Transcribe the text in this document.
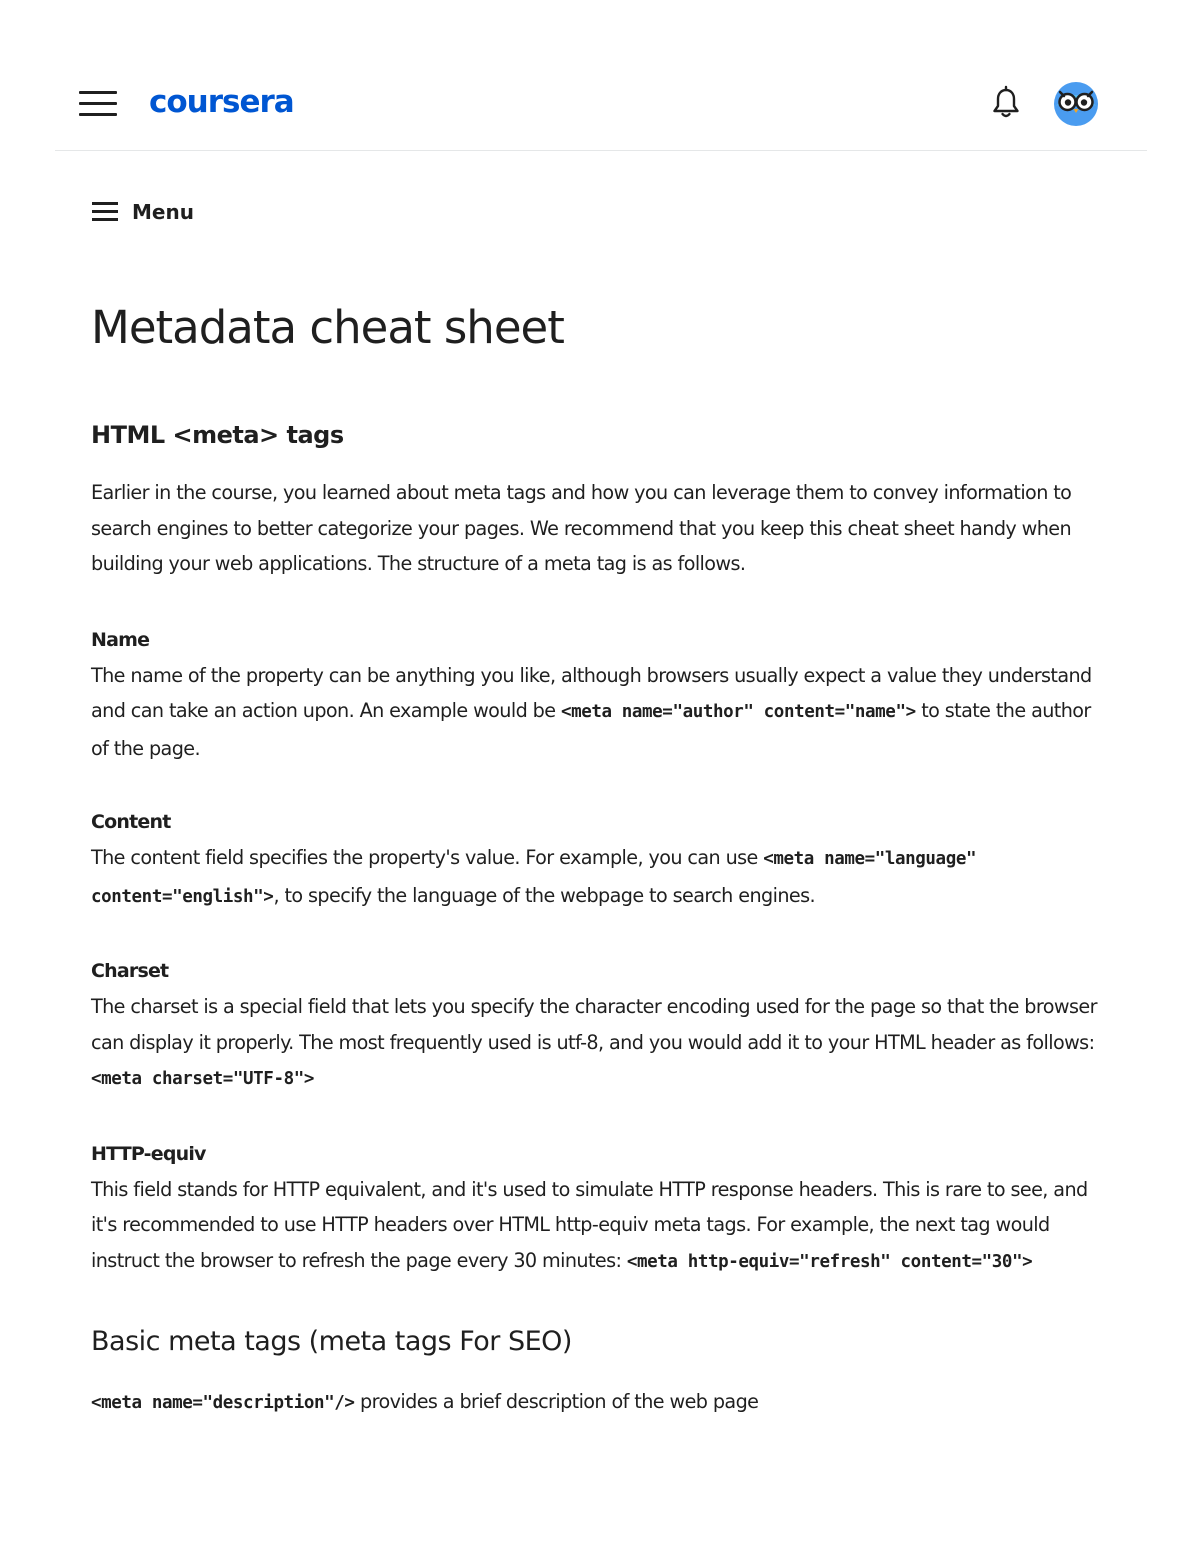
coursera
Menu
Metadata cheat sheet
HTML <meta> tags

Earlier in the course, you learned about meta tags and how you can leverage them to convey information to search engines to better categorize your pages. We recommend that you keep this cheat sheet handy when building your web applications. The structure of a meta tag is as follows.

Name

The name of the property can be anything you like, although browsers usually expect a value they understand and can take an action upon. An example would be <meta name="author" content="name"> to state the author of the page.

Content

The content field specifies the property's value. For example, you can use <meta name="language" content="english">, to specify the language of the webpage to search engines.

Charset

The charset is a special field that lets you specify the character encoding used for the page so that the browser can display it properly. The most frequently used is utf-8, and you would add it to your HTML header as follows: <meta charset="UTF-8">

HTTP-equiv

This field stands for HTTP equivalent, and it's used to simulate HTTP response headers. This is rare to see, and it's recommended to use HTTP headers over HTML http-equiv meta tags. For example, the next tag would instruct the browser to refresh the page every 30 minutes: <meta http-equiv="refresh" content="30">

Basic meta tags (meta tags For SEO)

<meta name="description"/> provides a brief description of the web page
